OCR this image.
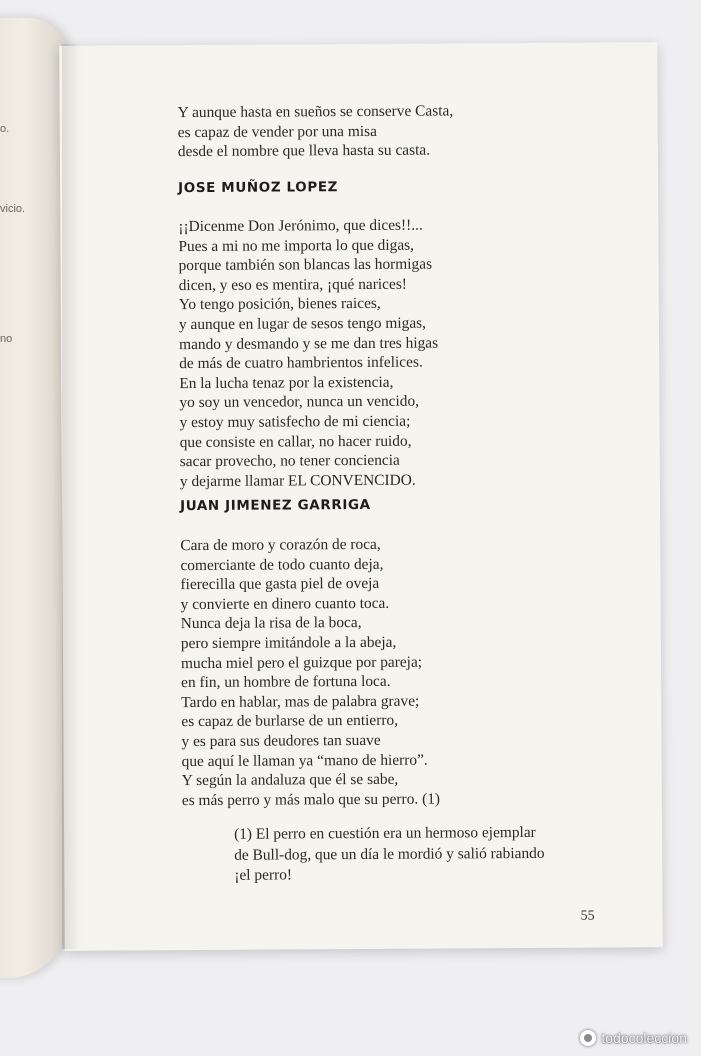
o.
vicio.
no
Y aunque hasta en sueños se conserve Casta,
es capaz de vender por una misa
desde el nombre que lleva hasta su casta.
JOSE MUÑOZ LOPEZ
¡¡Dicenme Don Jerónimo, que dices!!...
Pues a mi no me importa lo que digas,
porque también son blancas las hormigas
dicen, y eso es mentira, ¡qué narices!
Yo tengo posición, bienes raices,
y aunque en lugar de sesos tengo migas,
mando y desmando y se me dan tres higas
de más de cuatro hambrientos infelices.
En la lucha tenaz por la existencia,
yo soy un vencedor, nunca un vencido,
y estoy muy satisfecho de mi ciencia;
que consiste en callar, no hacer ruido,
sacar provecho, no tener conciencia
y dejarme llamar EL CONVENCIDO.
JUAN JIMENEZ GARRIGA
Cara de moro y corazón de roca,
comerciante de todo cuanto deja,
fierecilla que gasta piel de oveja
y convierte en dinero cuanto toca.
Nunca deja la risa de la boca,
pero siempre imitándole a la abeja,
mucha miel pero el guizque por pareja;
en fin, un hombre de fortuna loca.
Tardo en hablar, mas de palabra grave;
es capaz de burlarse de un entierro,
y es para sus deudores tan suave
que aquí le llaman ya “mano de hierro”.
Y según la andaluza que él se sabe,
es más perro y más malo que su perro. (1)
(1) El perro en cuestión era un hermoso ejemplar
de Bull-dog, que un día le mordió y salió rabiando
¡el perro!
55
todocoleccion
